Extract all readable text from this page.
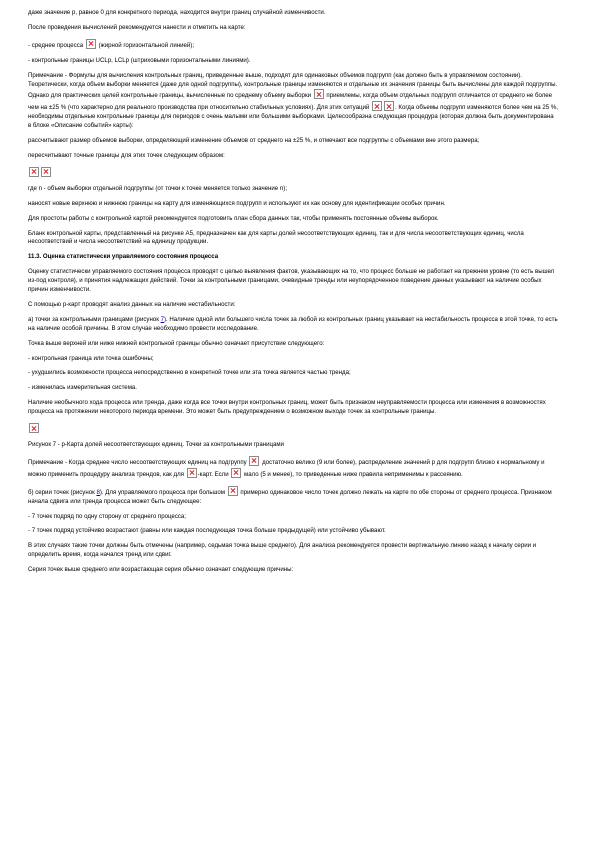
даже значение p, равное 0 для конкретного периода, находится внутри границ случайной изменчивости.

После проведения вычислений рекомендуется нанести и отметить на карте:

- среднее процесса	(жирной горизонтальной линией);

- контрольные границы UCLp, LCLp (штриховыми горизонтальными линиями).

Примечание - Формулы для вычисления контрольных границ, приведенные выше, подходят для одинаковых объемов подгрупп (как должно быть в управляемом состоянии). Теоретически, когда объем выборки меняется (даже для одной подгруппы), контрольные границы изменяются и отдельные их значения границы быть вычислены для каждой подгруппы. Однако для практических целей контрольные границы, вычисленные по среднему объему выборки	приемлемы, когда объем отдельных подгрупп отличается от среднего не более чем на ±25 % (что характерно для реального производства при относительно стабильных условиях). Для этих ситуаций	. Когда объемы подгрупп изменяются более чем на 25 %, необходимы отдельные контрольные границы для периодов с очень малыми или большими выборками. Целесообразна следующая процедура (которая должна быть документирована в блоке «Описание событий» карты):

рассчитывают размер объемов выборки, определяющий изменение объемов от среднего на ±25 %, и отмечают все подгруппы с объемами вне этого размера;

пересчитывают точные границы для этих точек следующим образом:

где n - объем выборки отдельной подгруппы (от точки к точке меняется только значение n);

наносят новые верхнюю и нижнюю границы на карту для изменяющихся подгрупп и используют их как основу для идентификации особых причин.

Для простоты работы с контрольной картой рекомендуется подготовить план сбора данных так, чтобы применять постоянные объемы выборок.

Бланк контрольной карты, представленный на рисунке А5, предназначен как для карты долей несоответствующих единиц, так и для числа несоответствующих единиц, числа несоответствий и числа несоответствий на единицу продукции.

11.3. Оценка статистически управляемого состояния процесса

Оценку статистически управляемого состояния процесса проводят с целью выявления фактов, указывающих на то, что процесс больше не работает на прежнем уровне (то есть вышел из-под контроля), и принятия надлежащих действий. Точки за контрольными границами, очевидные тренды или неупорядоченное поведение данных указывают на наличие особых причин изменчивости.

С помощью p-карт проводят анализ данных на наличие нестабильности:

а) точки за контрольными границами (рисунок 7). Наличие одной или большего числа точек за любой из контрольных границ указывает на нестабильность процесса в этой точке, то есть на наличие особой причины. В этом случае необходимо провести исследование.

Точка выше верхней или ниже нижней контрольной границы обычно означает присутствие следующего:

- контрольная граница или точка ошибочны;

- ухудшились возможности процесса непосредственно в конкретной точке или эта точка является частью тренда;

- изменилась измерительная система.

Наличие необычного хода процесса или тренда, даже когда все точки внутри контрольных границ, может быть признаком неуправляемости процесса или изменения в возможностях процесса на протяжении некоторого периода времени. Это может быть предупреждением о возможном выходе точек за контрольные границы.

Рисунок 7 - p-Карта долей несоответствующих единиц. Точки за контрольными границами

Примечание - Когда среднее число несоответствующих единиц на подгруппу	достаточно велико (9 или более), распределение значений p для подгрупп близко к нормальному и можно применить процедуру анализа трендов, как для -карт. Если	мало (5 и менее), то приведенные ниже правила неприменимы к рассеянию.

б) серии точек (рисунок 8). Для управляемого процесса при большом	примерно одинаковое число точек должно лежать на карте по обе стороны от среднего процесса. Признаком начала сдвига или тренда процесса может быть следующее:

- 7 точек подряд по одну сторону от среднего процесса;

- 7 точек подряд устойчиво возрастают (равны или каждая последующая точка больше предыдущей) или устойчиво убывают.

В этих случаях такие точки должны быть отмечены (например, седьмая точка выше среднего). Для анализа рекомендуется провести вертикальную линию назад к началу серии и определить время, когда начался тренд или сдвиг.

Серия точек выше среднего или возрастающая серия обычно означает следующие причины:
